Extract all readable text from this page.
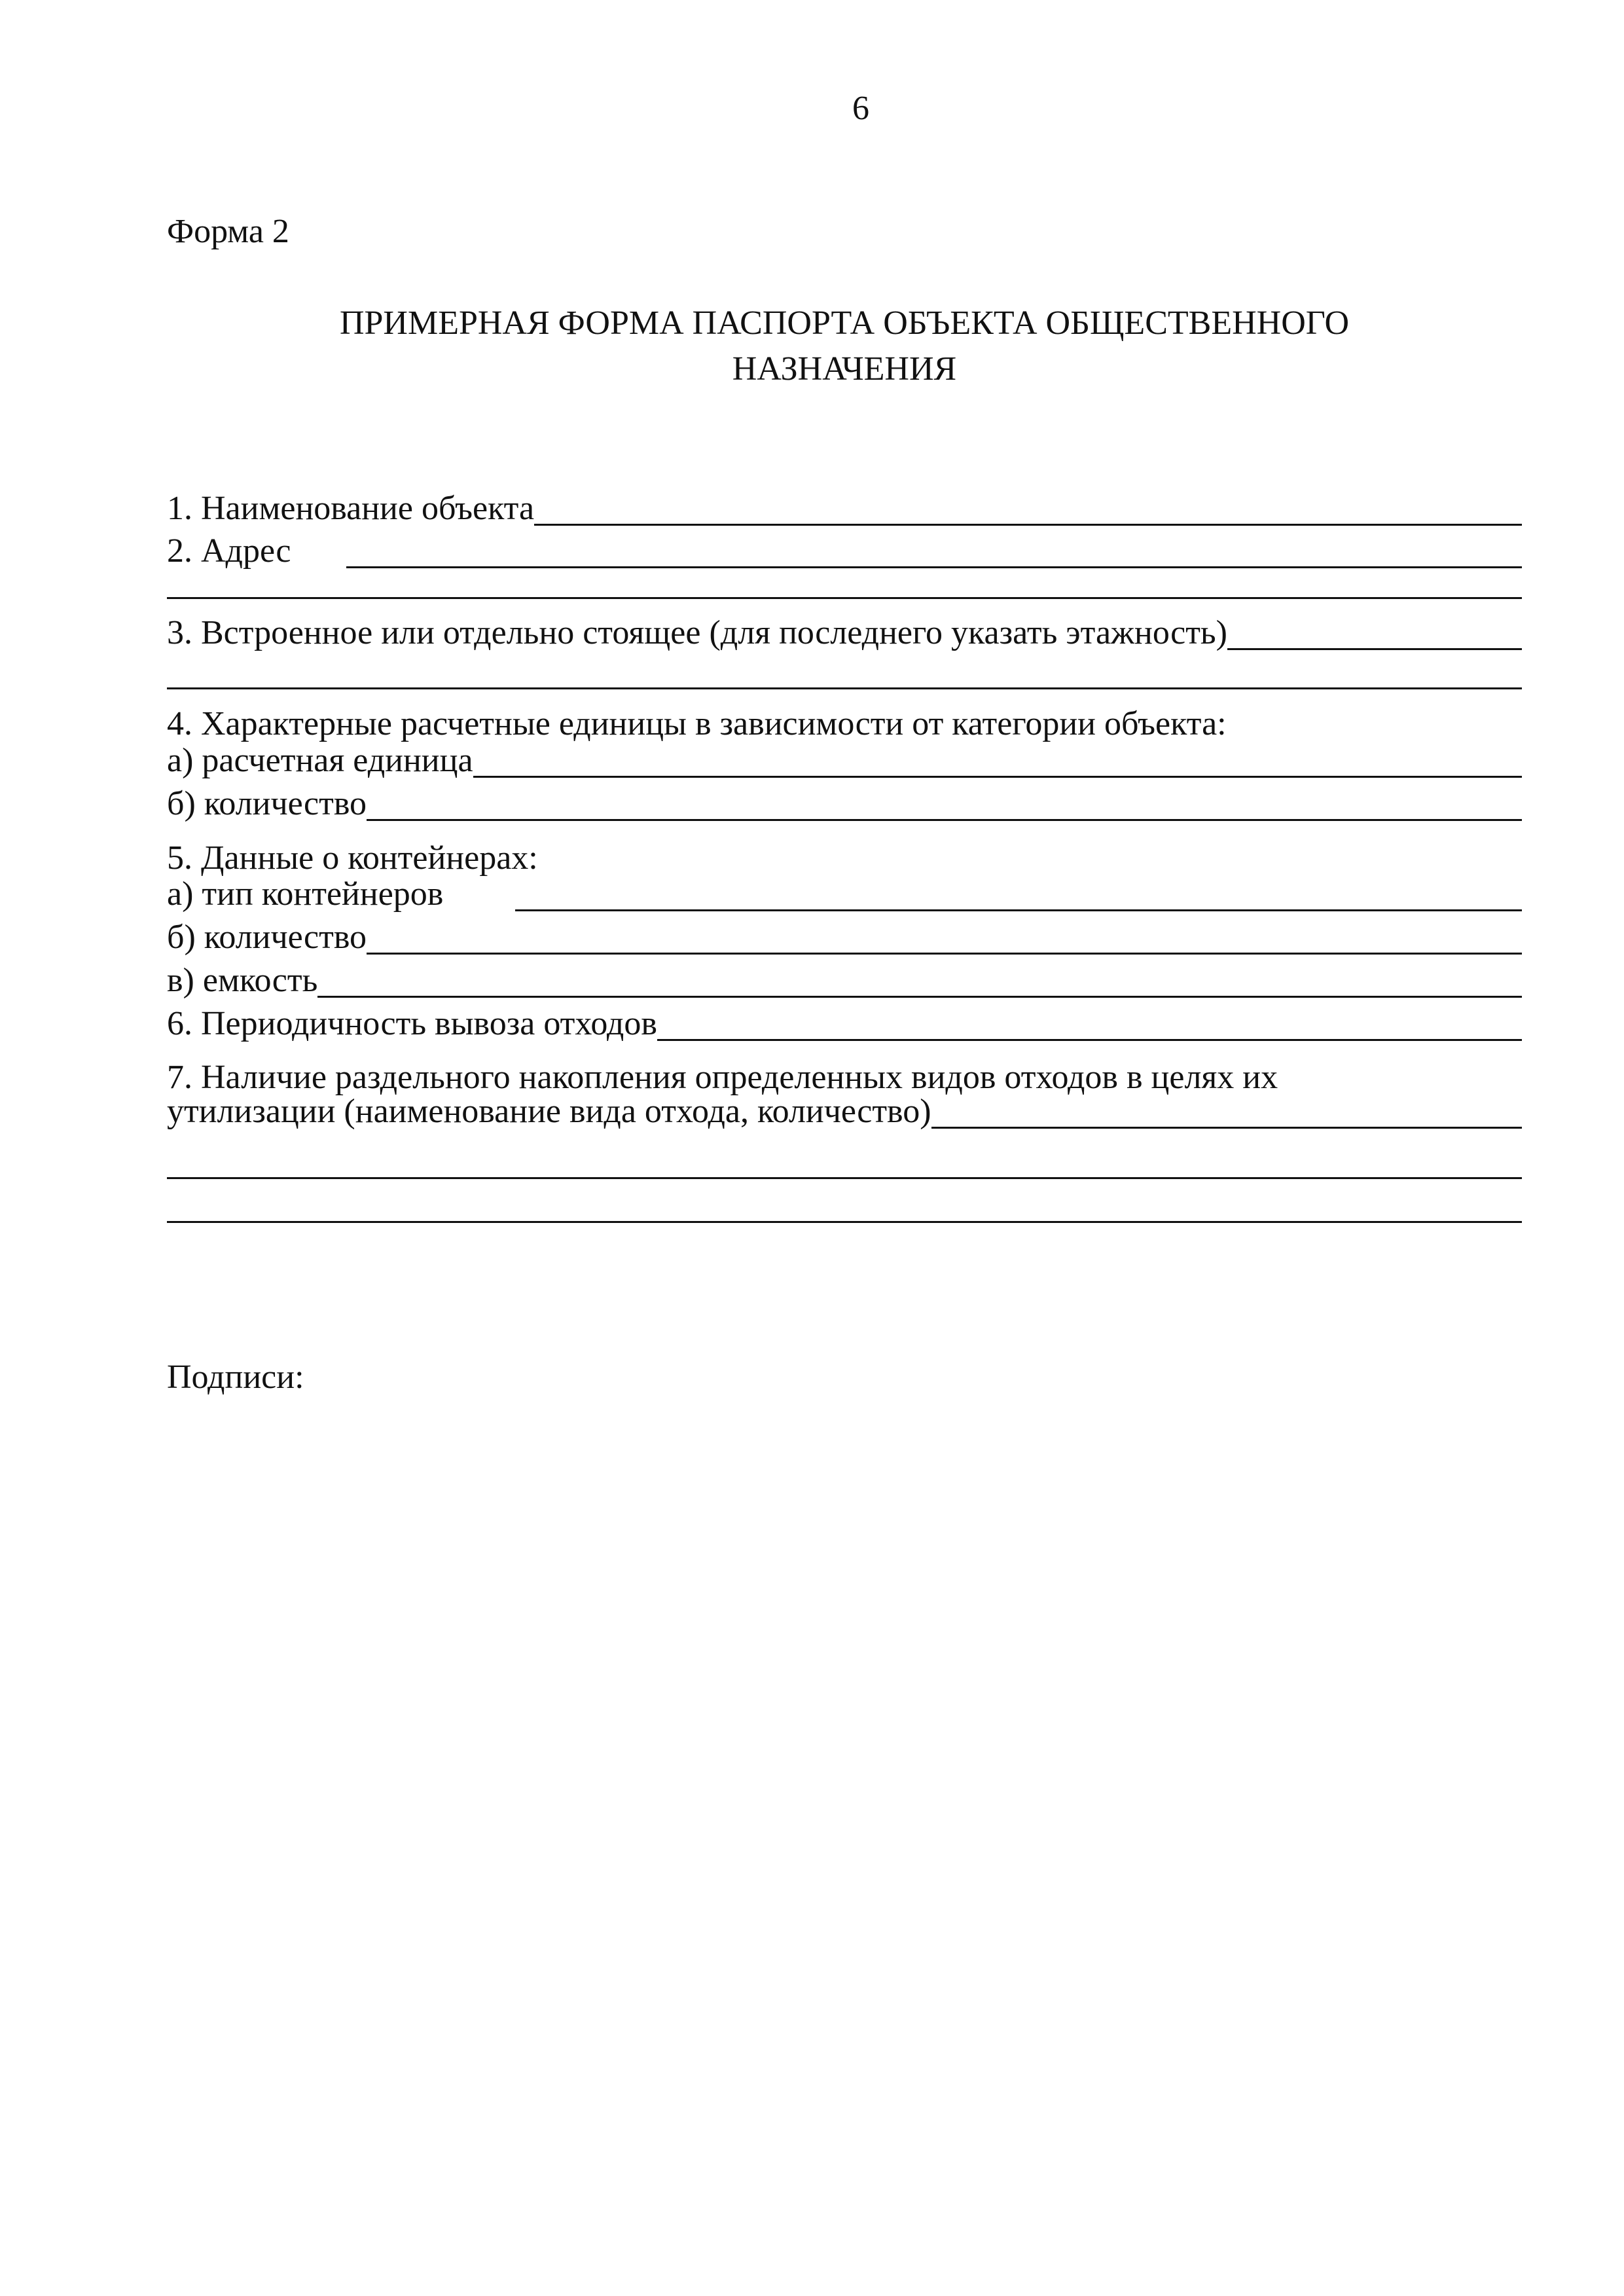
6
Форма 2
ПРИМЕРНАЯ ФОРМА ПАСПОРТА ОБЪЕКТА ОБЩЕСТВЕННОГО
НАЗНАЧЕНИЯ
1. Наименование объекта
2. Адрес
3. Встроенное или отдельно стоящее (для последнего указать этажность)
4. Характерные расчетные единицы в зависимости от категории объекта:
а) расчетная единица
б) количество
5. Данные о контейнерах:
а) тип контейнеров
б) количество
в) емкость
6. Периодичность вывоза отходов
7. Наличие раздельного накопления определенных видов отходов в целях их
утилизации (наименование вида отхода, количество)
Подписи:
